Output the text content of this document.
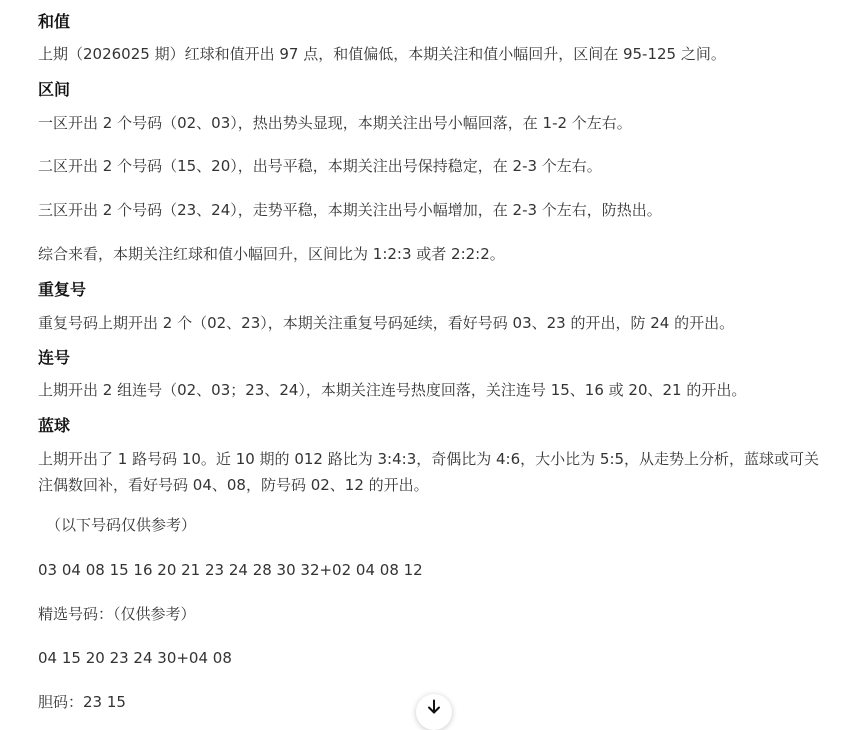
和值
上期（2026025 期）红球和值开出 97 点，和值偏低，本期关注和值小幅回升，区间在 95-125 之间。
区间
一区开出 2 个号码（02、03），热出势头显现，本期关注出号小幅回落，在 1-2 个左右。
二区开出 2 个号码（15、20），出号平稳，本期关注出号保持稳定，在 2-3 个左右。
三区开出 2 个号码（23、24），走势平稳，本期关注出号小幅增加，在 2-3 个左右，防热出。
综合来看，本期关注红球和值小幅回升，区间比为 1:2:3 或者 2:2:2。
重复号
重复号码上期开出 2 个（02、23），本期关注重复号码延续，看好号码 03、23 的开出，防 24 的开出。
连号
上期开出 2 组连号（02、03；23、24），本期关注连号热度回落，关注连号 15、16 或 20、21 的开出。
蓝球
上期开出了 1 路号码 10。近 10 期的 012 路比为 3:4:3，奇偶比为 4:6，大小比为 5:5，从走势上分析，蓝球或可关注偶数回补，看好号码 04、08，防号码 02、12 的开出。
（以下号码仅供参考）
03 04 08 15 16 20 21 23 24 28 30 32+02 04 08 12
精选号码：（仅供参考）
04 15 20 23 24 30+04 08
胆码：23 15
